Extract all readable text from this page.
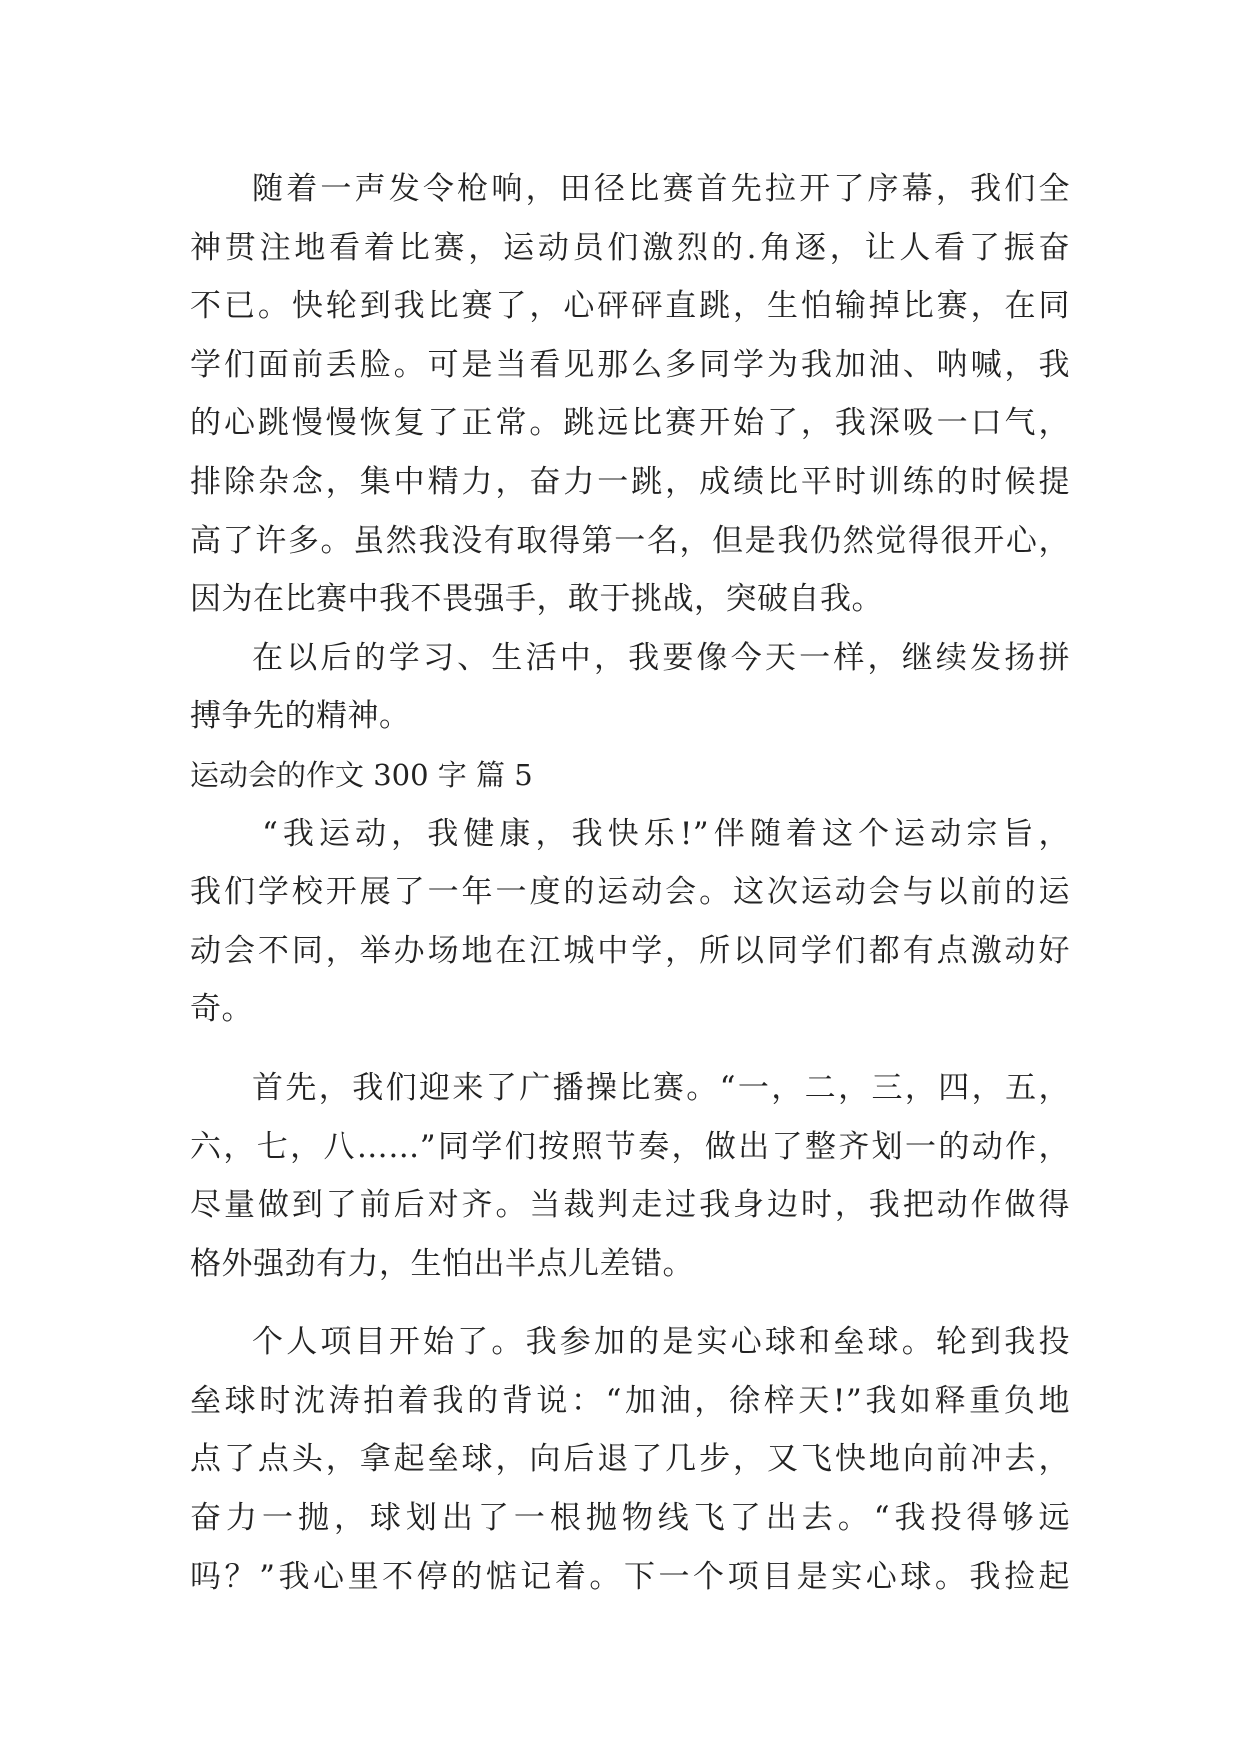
随着一声发令枪响，田径比赛首先拉开了序幕，我们全
神贯注地看着比赛，运动员们激烈的.角逐，让人看了振奋
不已。快轮到我比赛了，心砰砰直跳，生怕输掉比赛，在同
学们面前丢脸。可是当看见那么多同学为我加油、呐喊，我
的心跳慢慢恢复了正常。跳远比赛开始了，我深吸一口气，
排除杂念，集中精力，奋力一跳，成绩比平时训练的时候提
高了许多。虽然我没有取得第一名，但是我仍然觉得很开心，
因为在比赛中我不畏强手，敢于挑战，突破自我。
在以后的学习、生活中，我要像今天一样，继续发扬拼
搏争先的精神。
运动会的作文 300 字 篇 5
“我运动，我健康，我快乐!”伴随着这个运动宗旨，
我们学校开展了一年一度的运动会。这次运动会与以前的运
动会不同，举办场地在江城中学，所以同学们都有点激动好
奇。
首先，我们迎来了广播操比赛。“一，二，三，四，五，
六，七，八……”同学们按照节奏，做出了整齐划一的动作，
尽量做到了前后对齐。当裁判走过我身边时，我把动作做得
格外强劲有力，生怕出半点儿差错。
个人项目开始了。我参加的是实心球和垒球。轮到我投
垒球时沈涛拍着我的背说：“加油，徐梓天!”我如释重负地
点了点头，拿起垒球，向后退了几步，又飞快地向前冲去，
奋力一抛，球划出了一根抛物线飞了出去。“我投得够远
吗？”我心里不停的惦记着。下一个项目是实心球。我捡起
